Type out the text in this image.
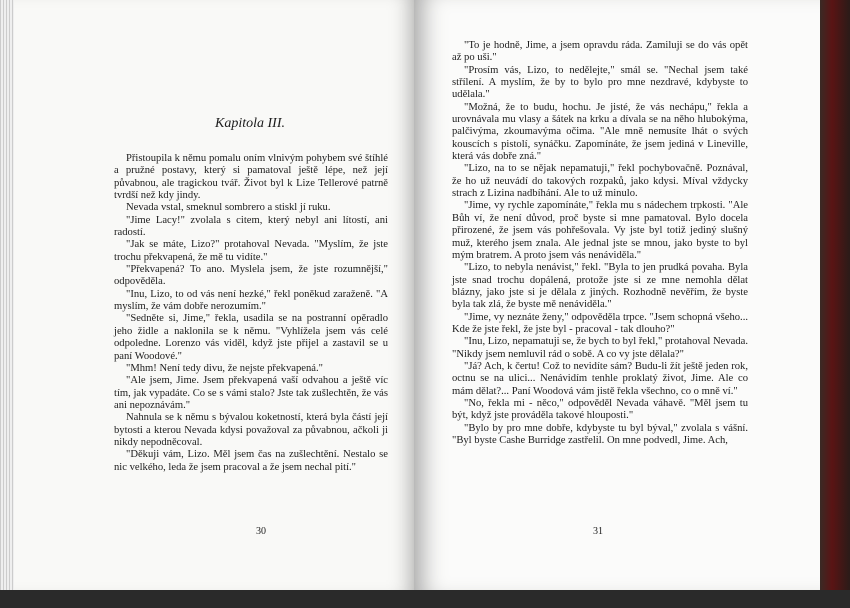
Kapitola III.

Přistoupila k němu pomalu oním vlnivým pohybem své štíhlé a pružné postavy, který si pamatoval ještě lépe, než její půvabnou, ale tragickou tvář. Život byl k Lize Tellerové patrně tvrdší než kdy jindy.

Nevada vstal, smeknul sombrero a stiskl jí ruku.

"Jime Lacy!" zvolala s citem, který nebyl ani lítostí, ani radostí.

"Jak se máte, Lizo?" protahoval Nevada. "Myslím, že jste trochu překvapená, že mě tu vidíte."

"Překvapená? To ano. Myslela jsem, že jste rozumnější," odpověděla.

"Inu, Lizo, to od vás není hezké," řekl poněkud zaraženě. "A myslím, že vám dobře nerozumím."

"Sedněte si, Jime," řekla, usadila se na postranní opěradlo jeho židle a naklonila se k němu. "Vyhlížela jsem vás celé odpoledne. Lorenzo vás viděl, když jste přijel a zastavil se u paní Woodové."

"Mhm! Není tedy divu, že nejste překvapená."

"Ale jsem, Jime. Jsem překvapená vaší odvahou a ještě víc tím, jak vypadáte. Co se s vámi stalo? Jste tak zušlechtěn, že vás ani nepoznávám."

Nahnula se k němu s bývalou koketností, která byla částí její bytosti a kterou Nevada kdysi považoval za půvabnou, ačkoli ji nikdy nepodněcoval.

"Děkuji vám, Lizo. Měl jsem čas na zušlechtění. Nestalo se nic velkého, leda že jsem pracoval a že jsem nechal pití."

30

"To je hodně, Jime, a jsem opravdu ráda. Zamiluji se do vás opět až po uši."

"Prosím vás, Lizo, to nedělejte," smál se. "Nechal jsem také střílení. A myslím, že by to bylo pro mne nezdravé, kdybyste to udělala."

"Možná, že to budu, hochu. Je jisté, že vás nechápu," řekla a urovnávala mu vlasy a šátek na krku a dívala se na něho hlubokýma, palčivýma, zkoumavýma očima. "Ale mně nemusíte lhát o svých kouscích s pistolí, synáčku. Zapomínáte, že jsem jediná v Lineville, která vás dobře zná."

"Lizo, na to se nějak nepamatuji," řekl pochybovačně. Poznával, že ho už neuvádí do takových rozpaků, jako kdysi. Míval vždycky strach z Lizina nadbíhání. Ale to už minulo.

"Jime, vy rychle zapomínáte," řekla mu s nádechem trpkosti. "Ale Bůh ví, že není důvod, proč byste si mne pamatoval. Bylo docela přirozené, že jsem vás pohřešovala. Vy jste byl totiž jediný slušný muž, kterého jsem znala. Ale jednal jste se mnou, jako byste to byl mým bratrem. A proto jsem vás nenáviděla."

"Lizo, to nebyla nenávist," řekl. "Byla to jen prudká povaha. Byla jste snad trochu dopálená, protože jste si ze mne nemohla dělat blázny, jako jste si je dělala z jiných. Rozhodně nevěřím, že byste byla tak zlá, že byste mě nenáviděla."

"Jime, vy neznáte ženy," odpověděla trpce. "Jsem schopná všeho... Kde že jste řekl, že jste byl - pracoval - tak dlouho?"

"Inu, Lizo, nepamatuji se, že bych to byl řekl," protahoval Nevada. "Nikdy jsem nemluvil rád o sobě. A co vy jste dělala?"

"Já? Ach, k čertu! Což to nevidíte sám? Budu-li žít ještě jeden rok, octnu se na ulici... Nenávidím tenhle proklatý život, Jime. Ale co mám dělat?... Paní Woodová vám jistě řekla všechno, co o mně ví."

"No, řekla mi - něco," odpověděl Nevada váhavě. "Měl jsem tu být, když jste prováděla takové hlouposti."

"Bylo by pro mne dobře, kdybyste tu byl býval," zvolala s vášní. "Byl byste Cashe Burridge zastřelil. On mne podvedl, Jime. Ach,

31
